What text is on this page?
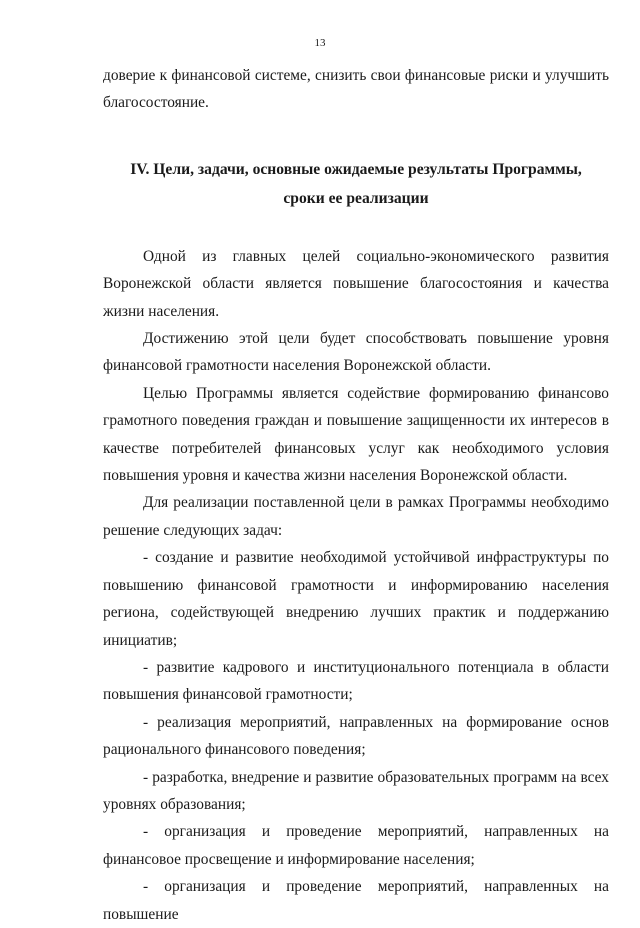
13

доверие к финансовой системе, снизить свои финансовые риски и улучшить благосостояние.

IV. Цели, задачи, основные ожидаемые результаты Программы,

сроки ее реализации

Одной из главных целей социально-экономического развития Воронежской области является повышение благосостояния и качества жизни населения.

Достижению этой цели будет способствовать повышение уровня финансовой грамотности населения Воронежской области.

Целью Программы является содействие формированию финансово грамотного поведения граждан и повышение защищенности их интересов в качестве потребителей финансовых услуг как необходимого условия повышения уровня и качества жизни населения Воронежской области.

Для реализации поставленной цели в рамках Программы необходимо решение следующих задач:

- создание и развитие необходимой устойчивой инфраструктуры по повышению финансовой грамотности и информированию населения региона, содействующей внедрению лучших практик и поддержанию инициатив;

- развитие кадрового и институционального потенциала в области повышения финансовой грамотности;

- реализация мероприятий, направленных на формирование основ рационального финансового поведения;

- разработка, внедрение и развитие образовательных программ на всех уровнях образования;

- организация и проведение мероприятий, направленных на финансовое просвещение и информирование населения;

- организация и проведение мероприятий, направленных на повышение
